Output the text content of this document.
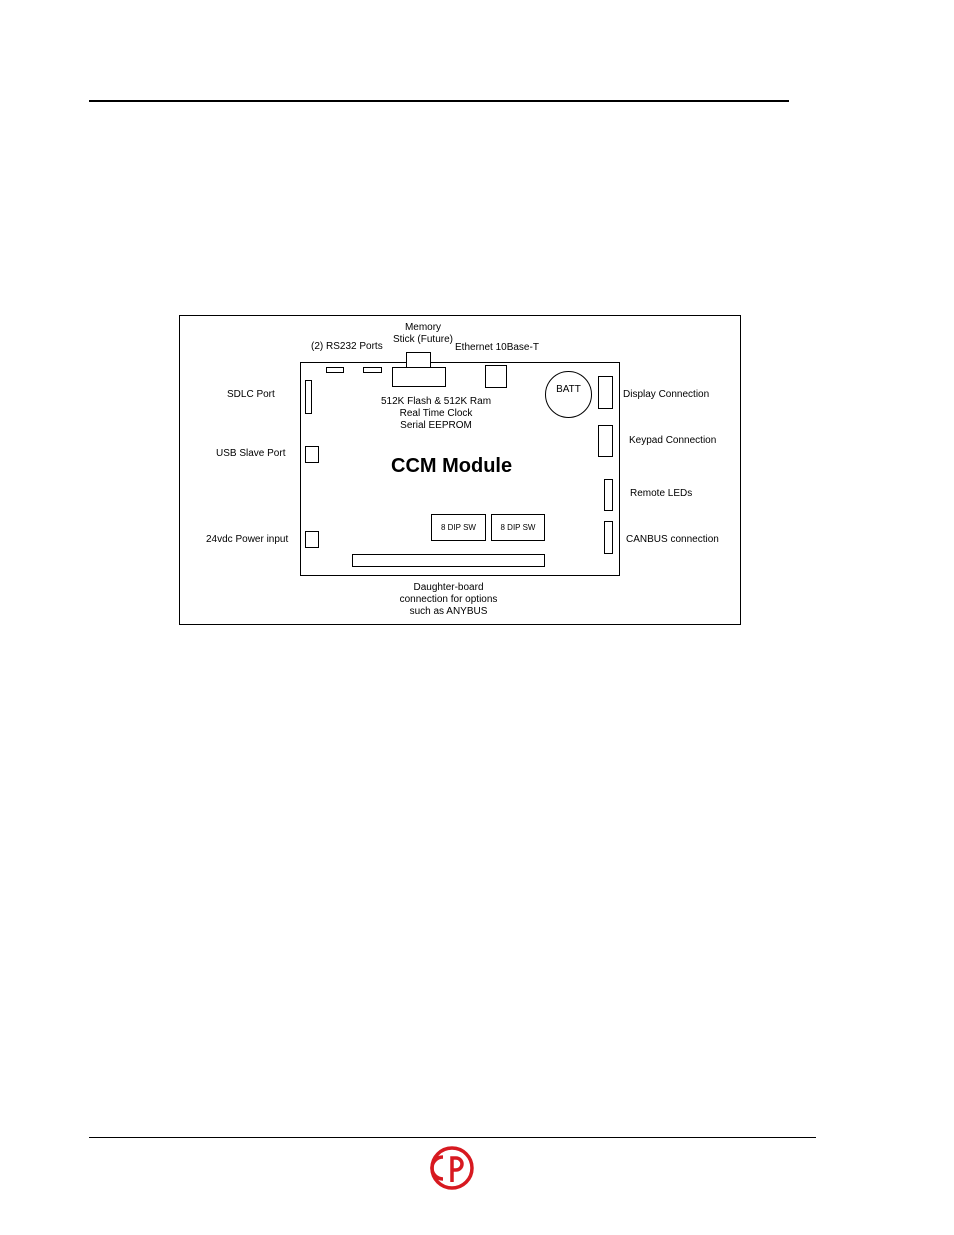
(2) RS232 Ports
Memory
Stick (Future)
Ethernet 10Base-T
SDLC Port
USB Slave Port
24vdc Power input
Display Connection
Keypad Connection
Remote LEDs
CANBUS connection
BATT
512K Flash & 512K Ram
Real Time Clock
Serial EEPROM
CCM Module
8 DIP SW	8 DIP SW
Daughter-board
connection for options
such as ANYBUS
